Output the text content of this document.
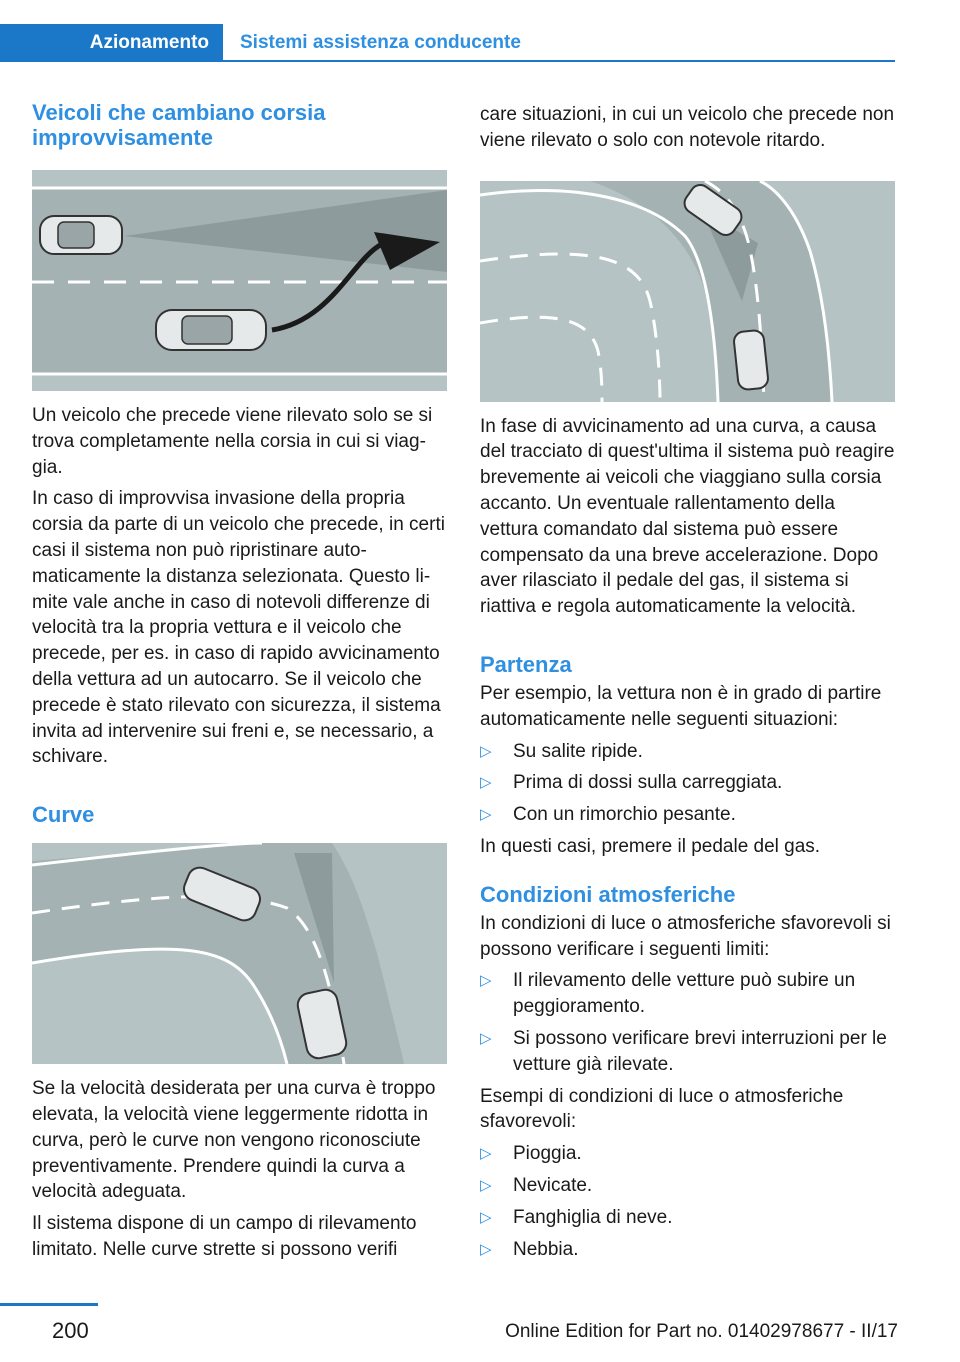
Azionamento	Sistemi assistenza conducente
Veicoli che cambiano corsia improvvisamente

Un veicolo che precede viene rilevato solo se si trova completamente nella corsia in cui si viaggia.

In caso di improvvisa invasione della propria corsia da parte di un veicolo che precede, in certi casi il sistema non può ripristinare automaticamente la distanza selezionata. Questo limite vale anche in caso di notevoli differenze di velocità tra la propria vettura e il veicolo che precede, per es. in caso di rapido avvicinamento della vettura ad un autocarro. Se il veicolo che precede è stato rilevato con sicurezza, il sistema invita ad intervenire sui freni e, se necessario, a schivare.

Curve

Se la velocità desiderata per una curva è troppo elevata, la velocità viene leggermente ridotta in curva, però le curve non vengono riconosciute preventivamente. Prendere quindi la curva a velocità adeguata.

Il sistema dispone di un campo di rilevamento limitato. Nelle curve strette si possono verifi

care situazioni, in cui un veicolo che precede non viene rilevato o solo con notevole ritardo.

In fase di avvicinamento ad una curva, a causa del tracciato di quest'ultima il sistema può reagire brevemente ai veicoli che viaggiano sulla corsia accanto. Un eventuale rallentamento della vettura comandato dal sistema può essere compensato da una breve accelerazione. Dopo aver rilasciato il pedale del gas, il sistema si riattiva e regola automaticamente la velocità.

Partenza

Per esempio, la vettura non è in grado di partire automaticamente nelle seguenti situazioni:

▷ Su salite ripide.
▷ Prima di dossi sulla carreggiata.
▷ Con un rimorchio pesante.

In questi casi, premere il pedale del gas.

Condizioni atmosferiche

In condizioni di luce o atmosferiche sfavorevoli si possono verificare i seguenti limiti:

▷ Il rilevamento delle vetture può subire un peggioramento.
▷ Si possono verificare brevi interruzioni per le vetture già rilevate.

Esempi di condizioni di luce o atmosferiche sfavorevoli:

▷ Pioggia.
▷ Nevicate.
▷ Fanghiglia di neve.
▷ Nebbia.
200	Online Edition for Part no. 01402978677 - II/17
